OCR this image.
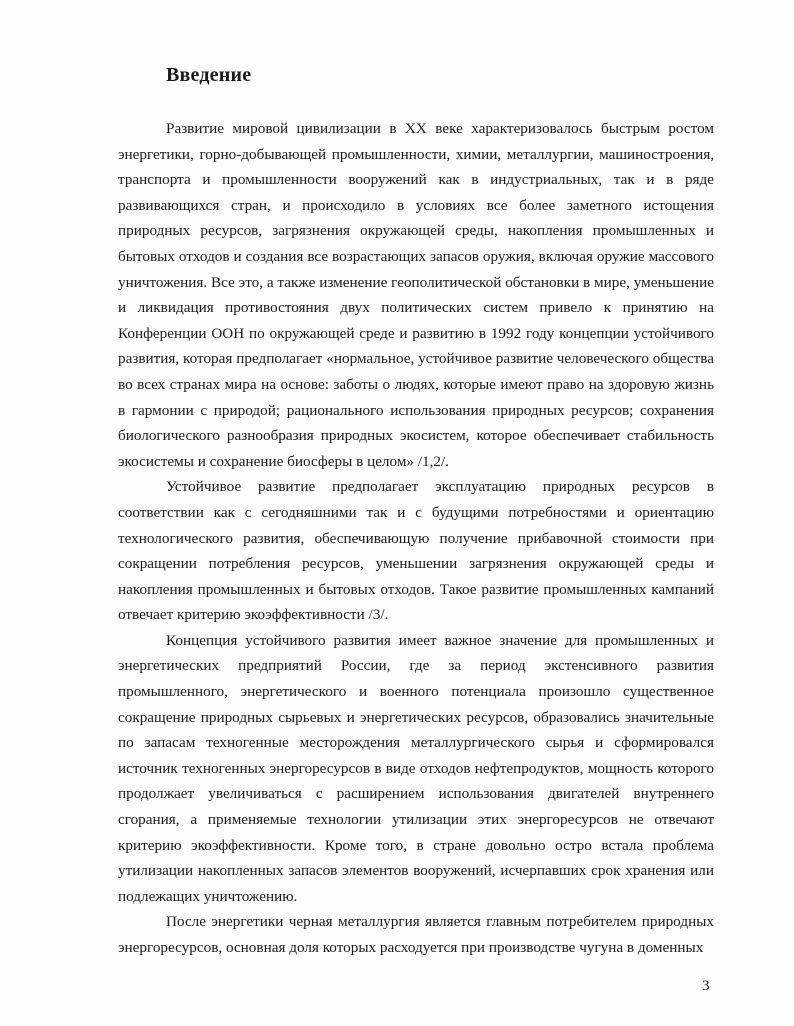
Введение

Развитие мировой цивилизации в XX веке характеризовалось быстрым ростом энергетики, горно-добывающей промышленности, химии, металлургии, машиностроения, транспорта и промышленности вооружений как в индустриальных, так и в ряде развивающихся стран, и происходило в условиях все более заметного истощения природных ресурсов, загрязнения окружающей среды, накопления промышленных и бытовых отходов и создания все возрастающих запасов оружия, включая оружие массового уничтожения. Все это, а также изменение геополитической обстановки в мире, уменьшение и ликвидация противостояния двух политических систем привело к принятию на Конференции ООН по окружающей среде и развитию в 1992 году концепции устойчивого развития, которая предполагает «нормальное, устойчивое развитие человеческого общества во всех странах мира на основе: заботы о людях, которые имеют право на здоровую жизнь в гармонии с природой; рационального использования природных ресурсов; сохранения биологического разнообразия природных экосистем, которое обеспечивает стабильность экосистемы и сохранение биосферы в целом» /1,2/.

Устойчивое развитие предполагает эксплуатацию природных ресурсов в соответствии как с сегодняшними так и с будущими потребностями и ориентацию технологического развития, обеспечивающую получение прибавочной стоимости при сокращении потребления ресурсов, уменьшении загрязнения окружающей среды и накопления промышленных и бытовых отходов. Такое развитие промышленных кампаний отвечает критерию экоэффективности /3/.

Концепция устойчивого развития имеет важное значение для промышленных и энергетических предприятий России, где за период экстенсивного развития промышленного, энергетического и военного потенциала произошло существенное сокращение природных сырьевых и энергетических ресурсов, образовались значительные по запасам техногенные месторождения металлургического сырья и сформировался источник техногенных энергоресурсов в виде отходов нефтепродуктов, мощность которого продолжает увеличиваться с расширением использования двигателей внутреннего сгорания, а применяемые технологии утилизации этих энергоресурсов не отвечают критерию экоэффективности. Кроме того, в стране довольно остро встала проблема утилизации накопленных запасов элементов вооружений, исчерпавших срок хранения или подлежащих уничтожению.

После энергетики черная металлургия является главным потребителем природных энергоресурсов, основная доля которых расходуется при производстве чугуна в доменных

3
